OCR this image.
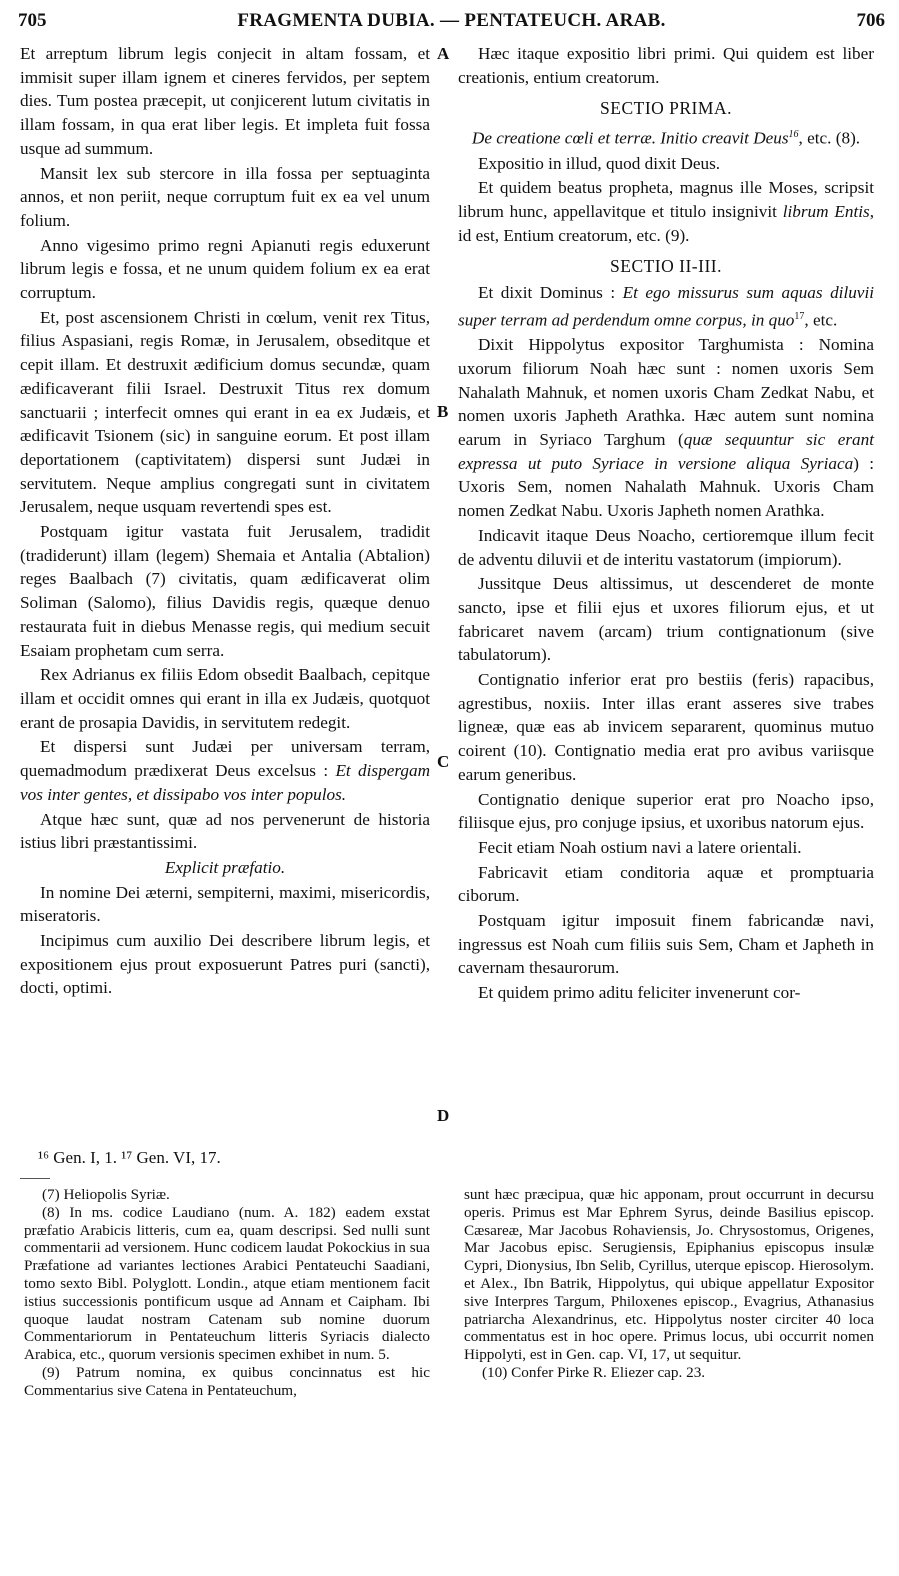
705	FRAGMENTA DUBIA. — PENTATEUCH. ARAB.	706
A
B
C
D

Et arreptum librum legis conjecit in altam fossam, et immisit super illam ignem et cineres fervidos, per septem dies. Tum postea præcepit, ut conjicerent lutum civitatis in illam fossam, in qua erat liber legis. Et impleta fuit fossa usque ad summum.

Mansit lex sub stercore in illa fossa per septuaginta annos, et non periit, neque corruptum fuit ex ea vel unum folium.

Anno vigesimo primo regni Apianuti regis eduxerunt librum legis e fossa, et ne unum quidem folium ex ea erat corruptum.

Et, post ascensionem Christi in cœlum, venit rex Titus, filius Aspasiani, regis Romæ, in Jerusalem, obseditque et cepit illam. Et destruxit ædificium domus secundæ, quam ædificaverant filii Israel. Destruxit Titus rex domum sanctuarii ; interfecit omnes qui erant in ea ex Judæis, et ædificavit Tsionem (sic) in sanguine eorum. Et post illam deportationem (captivitatem) dispersi sunt Judæi in servitutem. Neque amplius congregati sunt in civitatem Jerusalem, neque usquam revertendi spes est.

Postquam igitur vastata fuit Jerusalem, tradidit (tradiderunt) illam (legem) Shemaia et Antalia (Abtalion) reges Baalbach (7) civitatis, quam ædificaverat olim Soliman (Salomo), filius Davidis regis, quæque denuo restaurata fuit in diebus Menasse regis, qui medium secuit Esaiam prophetam cum serra.

Rex Adrianus ex filiis Edom obsedit Baalbach, cepitque illam et occidit omnes qui erant in illa ex Judæis, quotquot erant de prosapia Davidis, in servitutem redegit.

Et dispersi sunt Judæi per universam terram, quemadmodum prædixerat Deus excelsus : Et dispergam vos inter gentes, et dissipabo vos inter populos.

Atque hæc sunt, quæ ad nos pervenerunt de historia istius libri præstantissimi.

Explicit præfatio.

In nomine Dei æterni, sempiterni, maximi, misericordis, miseratoris.

Incipimus cum auxilio Dei describere librum legis, et expositionem ejus prout exposuerunt Patres puri (sancti), docti, optimi.

Hæc itaque expositio libri primi. Qui quidem est liber creationis, entium creatorum.

SECTIO PRIMA.

De creatione cœli et terræ. Initio creavit Deus$^{16}$, etc. (8).

Expositio in illud, quod dixit Deus.

Et quidem beatus propheta, magnus ille Moses, scripsit librum hunc, appellavitque et titulo insignivit librum Entis, id est, Entium creatorum, etc. (9).

SECTIO II-III.

Et dixit Dominus : Et ego missurus sum aquas diluvii super terram ad perdendum omne corpus, in quo$^{17}$, etc.

Dixit Hippolytus expositor Targhumista : Nomina uxorum filiorum Noah hæc sunt : nomen uxoris Sem Nahalath Mahnuk, et nomen uxoris Cham Zedkat Nabu, et nomen uxoris Japheth Arathka. Hæc autem sunt nomina earum in Syriaco Targhum (quæ sequuntur sic erant expressa ut puto Syriace in versione aliqua Syriaca) : Uxoris Sem, nomen Nahalath Mahnuk. Uxoris Cham nomen Zedkat Nabu. Uxoris Japheth nomen Arathka.

Indicavit itaque Deus Noacho, certioremque illum fecit de adventu diluvii et de interitu vastatorum (impiorum).

Jussitque Deus altissimus, ut descenderet de monte sancto, ipse et filii ejus et uxores filiorum ejus, et ut fabricaret navem (arcam) trium contignationum (sive tabulatorum).

Contignatio inferior erat pro bestiis (feris) rapacibus, agrestibus, noxiis. Inter illas erant asseres sive trabes ligneæ, quæ eas ab invicem separarent, quominus mutuo coirent (10). Contignatio media erat pro avibus variisque earum generibus.

Contignatio denique superior erat pro Noacho ipso, filiisque ejus, pro conjuge ipsius, et uxoribus natorum ejus.

Fecit etiam Noah ostium navi a latere orientali.

Fabricavit etiam conditoria aquæ et promptuaria ciborum.

Postquam igitur imposuit finem fabricandæ navi, ingressus est Noah cum filiis suis Sem, Cham et Japheth in cavernam thesaurorum.

Et quidem primo aditu feliciter invenerunt cor-

¹⁶ Gen. I, 1. ¹⁷ Gen. VI, 17.

(7) Heliopolis Syriæ.

(8) In ms. codice Laudiano (num. A. 182) eadem exstat præfatio Arabicis litteris, cum ea, quam descripsi. Sed nulli sunt commentarii ad versionem. Hunc codicem laudat Pokockius in sua Præfatione ad variantes lectiones Arabici Pentateuchi Saadiani, tomo sexto Bibl. Polyglott. Londin., atque etiam mentionem facit istius successionis pontificum usque ad Annam et Caipham. Ibi quoque laudat nostram Catenam sub nomine duorum Commentariorum in Pentateuchum litteris Syriacis dialecto Arabica, etc., quorum versionis specimen exhibet in num. 5.

(9) Patrum nomina, ex quibus concinnatus est hic Commentarius sive Catena in Pentateuchum,

sunt hæc præcipua, quæ hic apponam, prout occurrunt in decursu operis. Primus est Mar Ephrem Syrus, deinde Basilius episcop. Cæsareæ, Mar Jacobus Rohaviensis, Jo. Chrysostomus, Origenes, Mar Jacobus episc. Serugiensis, Epiphanius episcopus insulæ Cypri, Dionysius, Ibn Selib, Cyrillus, uterque episcop. Hierosolym. et Alex., Ibn Batrik, Hippolytus, qui ubique appellatur Expositor sive Interpres Targum, Philoxenes episcop., Evagrius, Athanasius patriarcha Alexandrinus, etc. Hippolytus noster circiter 40 loca commentatus est in hoc opere. Primus locus, ubi occurrit nomen Hippolyti, est in Gen. cap. VI, 17, ut sequitur.

(10) Confer Pirke R. Eliezer cap. 23.
